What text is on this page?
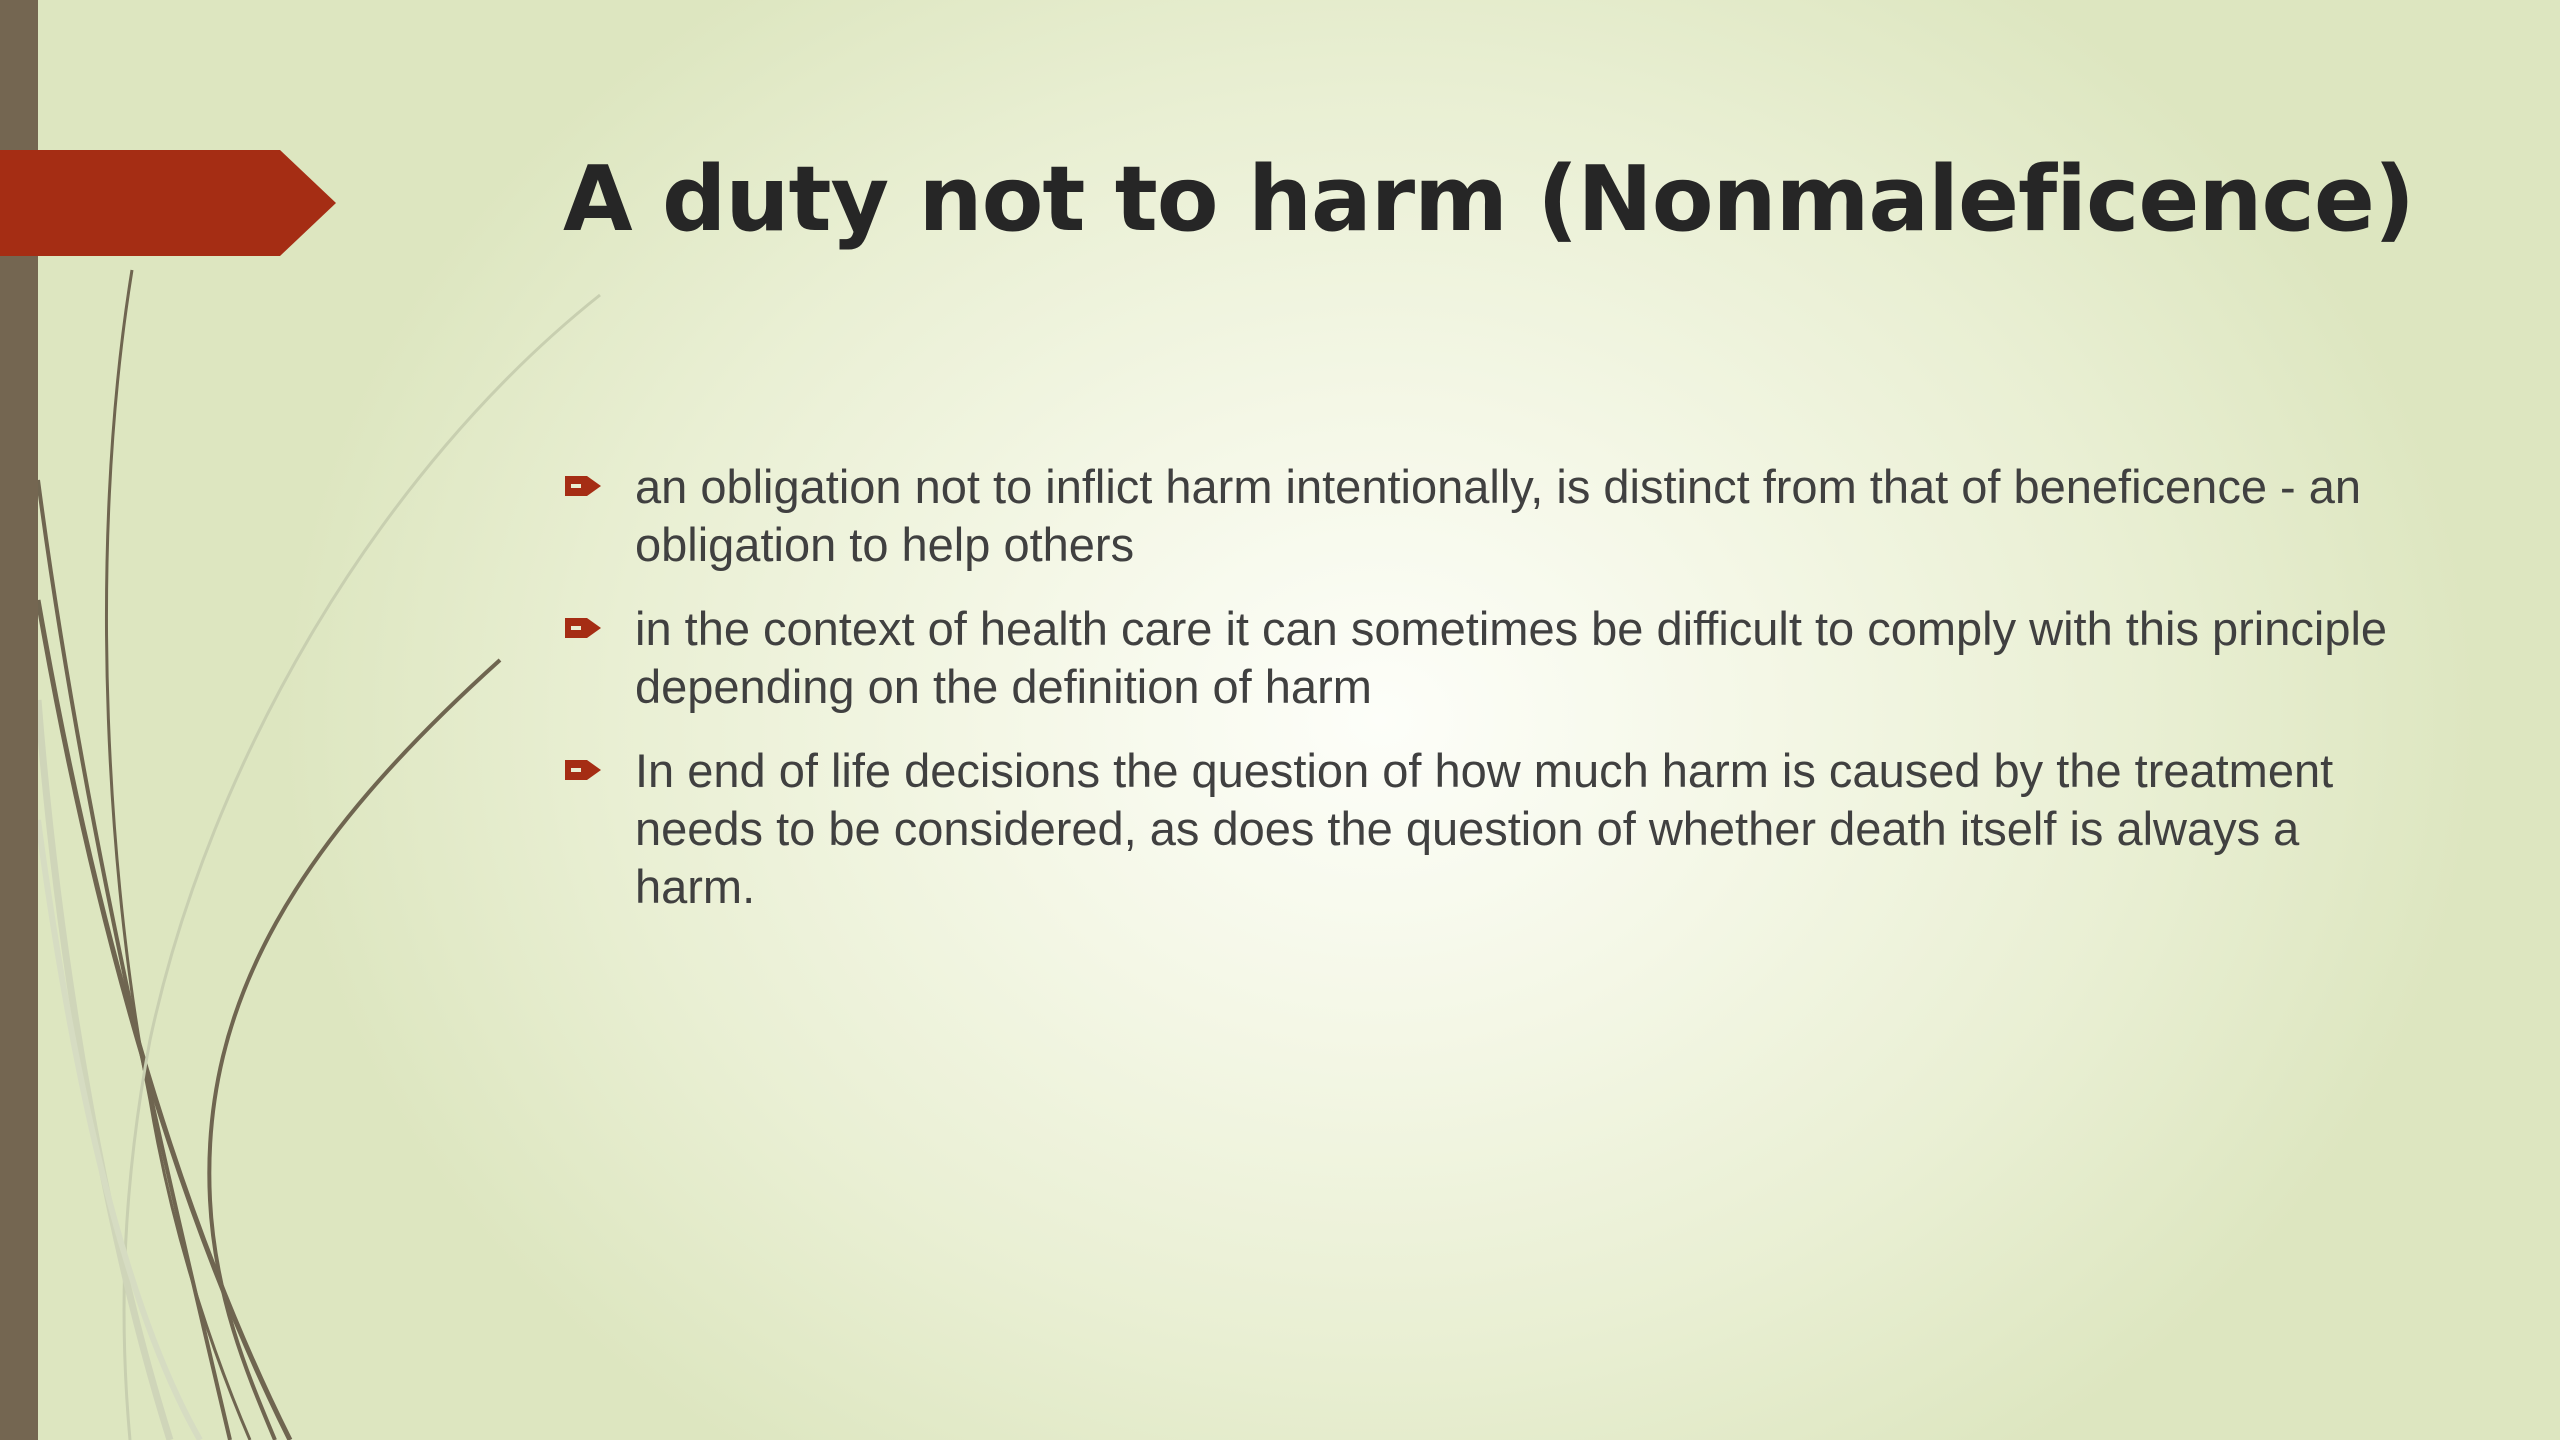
A duty not to harm (Nonmaleficence)
an obligation not to inflict harm intentionally, is distinct from that of beneficence - an obligation to help others
in the context of health care it can sometimes be difficult to comply with this principle depending on the definition of harm
In end of life decisions the question of how much harm is caused by the treatment needs to be considered, as does the question of whether death itself is always a harm.
